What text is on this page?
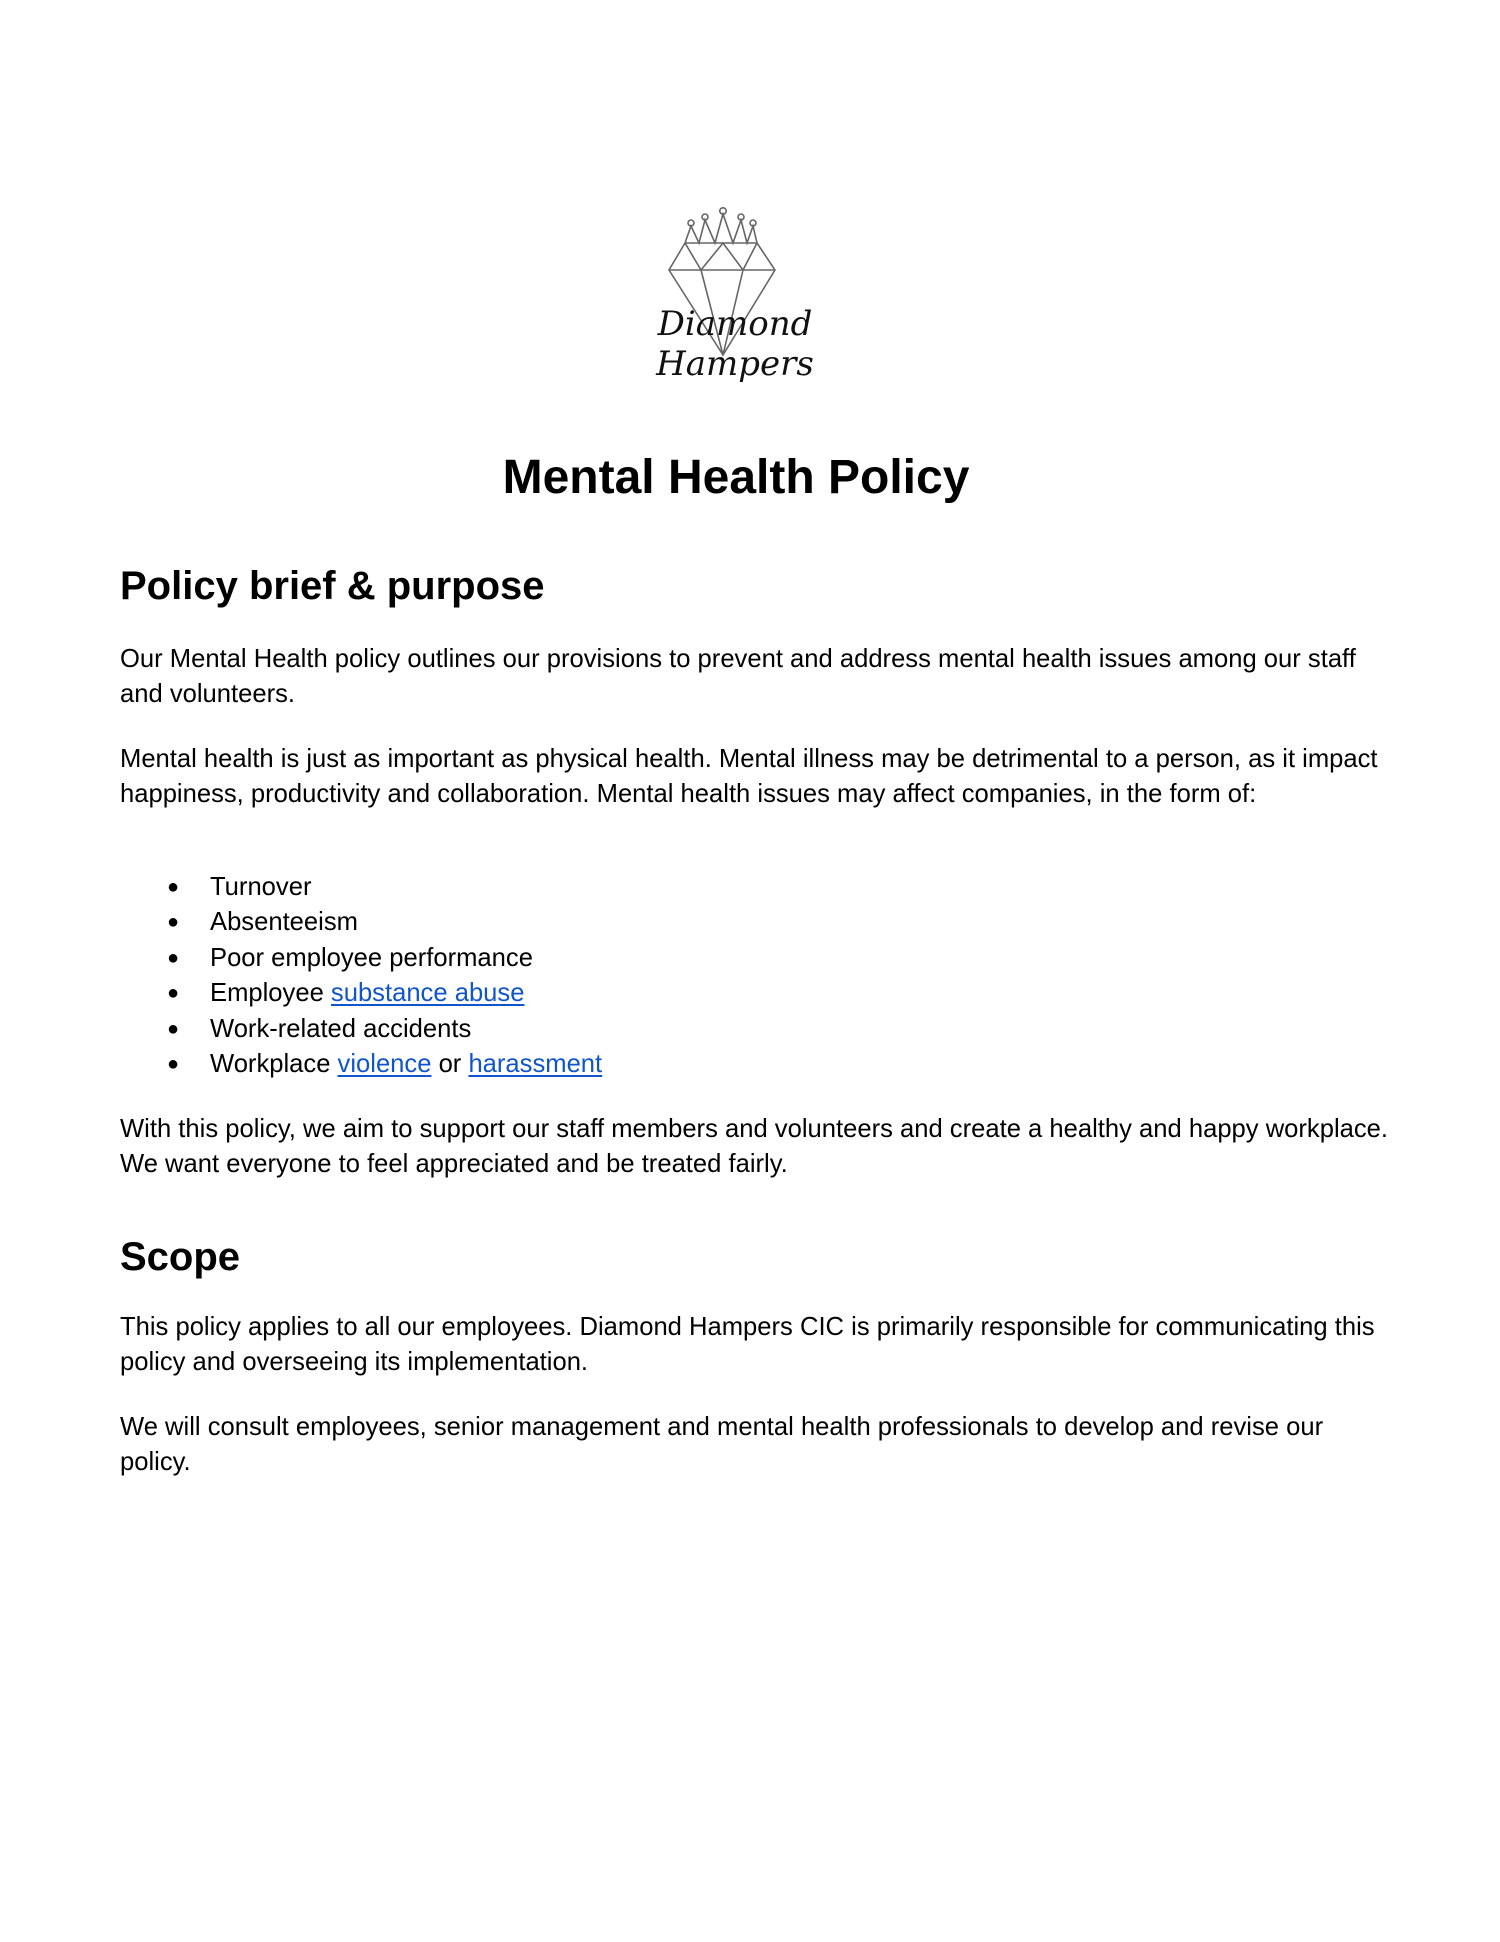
Diamond
Hampers
Mental Health Policy
Policy brief & purpose

Our Mental Health policy outlines our provisions to prevent and address mental health issues among our staff and volunteers.

Mental health is just as important as physical health. Mental illness may be detrimental to a person, as it impact happiness, productivity and collaboration. Mental health issues may affect companies, in the form of:

● Turnover
● Absenteeism
● Poor employee performance
● Employee substance abuse
● Work-related accidents
● Workplace violence or harassment

With this policy, we aim to support our staff members and volunteers and create a healthy and happy workplace. We want everyone to feel appreciated and be treated fairly.

Scope

This policy applies to all our employees. Diamond Hampers CIC is primarily responsible for communicating this policy and overseeing its implementation.

We will consult employees, senior management and mental health professionals to develop and revise our policy.
